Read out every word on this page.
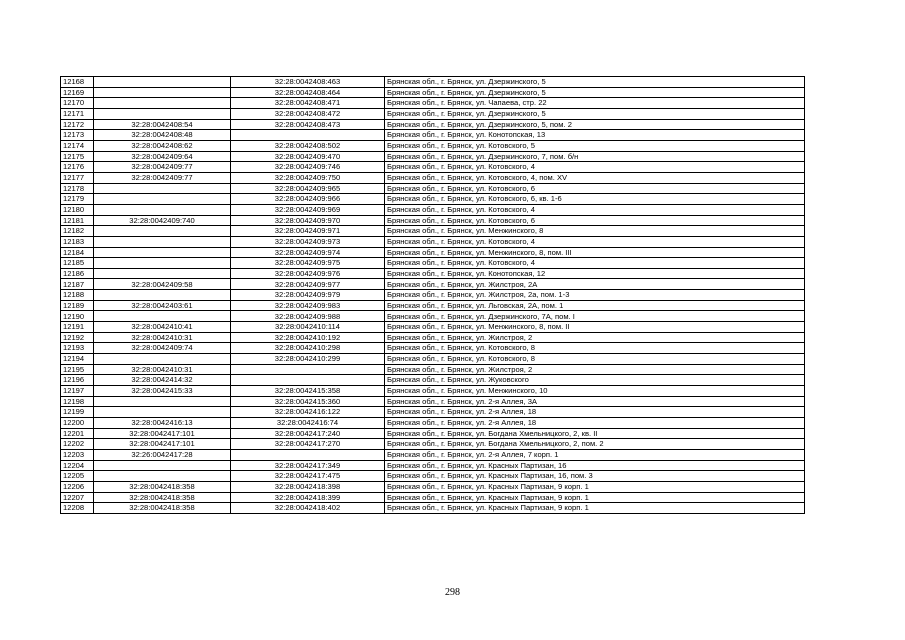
12168		32:28:0042408:463	Брянская обл., г. Брянск, ул. Дзержинского, 5
12169		32:28:0042408:464	Брянская обл., г. Брянск, ул. Дзержинского, 5
12170		32:28:0042408:471	Брянская обл., г. Брянск, ул. Чапаева, стр. 22
12171		32:28:0042408:472	Брянская обл., г. Брянск, ул. Дзержинского, 5
12172	32:28:0042408:54	32:28:0042408:473	Брянская обл., г. Брянск, ул. Дзержинского, 5, пом. 2
12173	32:28:0042408:48		Брянская обл., г. Брянск, ул. Конотопская, 13
12174	32:28:0042408:62	32:28:0042408:502	Брянская обл., г. Брянск, ул. Котовского, 5
12175	32:28:0042409:64	32:28:0042409:470	Брянская обл., г. Брянск, ул. Дзержинского, 7, пом. б/н
12176	32:28:0042409:77	32:28:0042409:746	Брянская обл., г. Брянск, ул. Котовского, 4
12177	32:28:0042409:77	32:28:0042409:750	Брянская обл., г. Брянск, ул. Котовского, 4, пом. XV
12178		32:28:0042409:965	Брянская обл., г. Брянск, ул. Котовского, 6
12179		32:28:0042409:966	Брянская обл., г. Брянск, ул. Котовского, 6, кв. 1-6
12180		32:28:0042409:969	Брянская обл., г. Брянск, ул. Котовского, 4
12181	32:28:0042409:740	32:28:0042409:970	Брянская обл., г. Брянск, ул. Котовского, 6
12182		32:28:0042409:971	Брянская обл., г. Брянск, ул. Менжинского, 8
12183		32:28:0042409:973	Брянская обл., г. Брянск, ул. Котовского, 4
12184		32:28:0042409:974	Брянская обл., г. Брянск, ул. Менжинского, 8, пом. III
12185		32:28:0042409:975	Брянская обл., г. Брянск, ул. Котовского, 4
12186		32:28:0042409:976	Брянская обл., г. Брянск, ул. Конотопская, 12
12187	32:28:0042409:58	32:28:0042409:977	Брянская обл., г. Брянск, ул. Жилстроя, 2А
12188		32:28:0042409:979	Брянская обл., г. Брянск, ул. Жилстроя, 2а, пом. 1-3
12189	32:28:0042403:61	32:28:0042409:983	Брянская обл., г. Брянск, ул. Льговская, 2А, пом. 1
12190		32:28:0042409:988	Брянская обл., г. Брянск, ул. Дзержинского, 7А, пом. I
12191	32:28:0042410:41	32:28:0042410:114	Брянская обл., г. Брянск, ул. Менжинского, 8, пом. II
12192	32:28:0042410:31	32:28:0042410:192	Брянская обл., г. Брянск, ул. Жилстроя, 2
12193	32:28:0042409:74	32:28:0042410:298	Брянская обл., г. Брянск, ул. Котовского, 8
12194		32:28:0042410:299	Брянская обл., г. Брянск, ул. Котовского, 8
12195	32:28:0042410:31		Брянская обл., г. Брянск, ул. Жилстроя, 2
12196	32:28:0042414:32		Брянская обл., г. Брянск, ул. Жуковского
12197	32:28:0042415:33	32:28:0042415:358	Брянская обл., г. Брянск, ул. Менжинского, 10
12198		32:28:0042415:360	Брянская обл., г. Брянск, ул. 2-я Аллея, 3А
12199		32:28:0042416:122	Брянская обл., г. Брянск, ул. 2-я Аллея, 18
12200	32:28:0042416:13	32:28:0042416:74	Брянская обл., г. Брянск, ул. 2-я Аллея, 18
12201	32:28:0042417:101	32:28:0042417:240	Брянская обл., г. Брянск, ул. Богдана Хмельницкого, 2, кв. II
12202	32:28:0042417:101	32:28:0042417:270	Брянская обл., г. Брянск, ул. Богдана Хмельницкого, 2, пом. 2
12203	32:26:0042417:28		Брянская обл., г. Брянск, ул. 2-я Аллея, 7 корп. 1
12204		32:28:0042417:349	Брянская обл., г. Брянск, ул. Красных Партизан, 16
12205		32:28:0042417:475	Брянская обл., г. Брянск, ул. Красных Партизан, 16, пом. 3
12206	32:28:0042418:358	32:28:0042418:398	Брянская обл., г. Брянск, ул. Красных Партизан, 9 корп. 1
12207	32:28:0042418:358	32:28:0042418:399	Брянская обл., г. Брянск, ул. Красных Партизан, 9 корп. 1
12208	32:28:0042418:358	32:28:0042418:402	Брянская обл., г. Брянск, ул. Красных Партизан, 9 корп. 1
298
